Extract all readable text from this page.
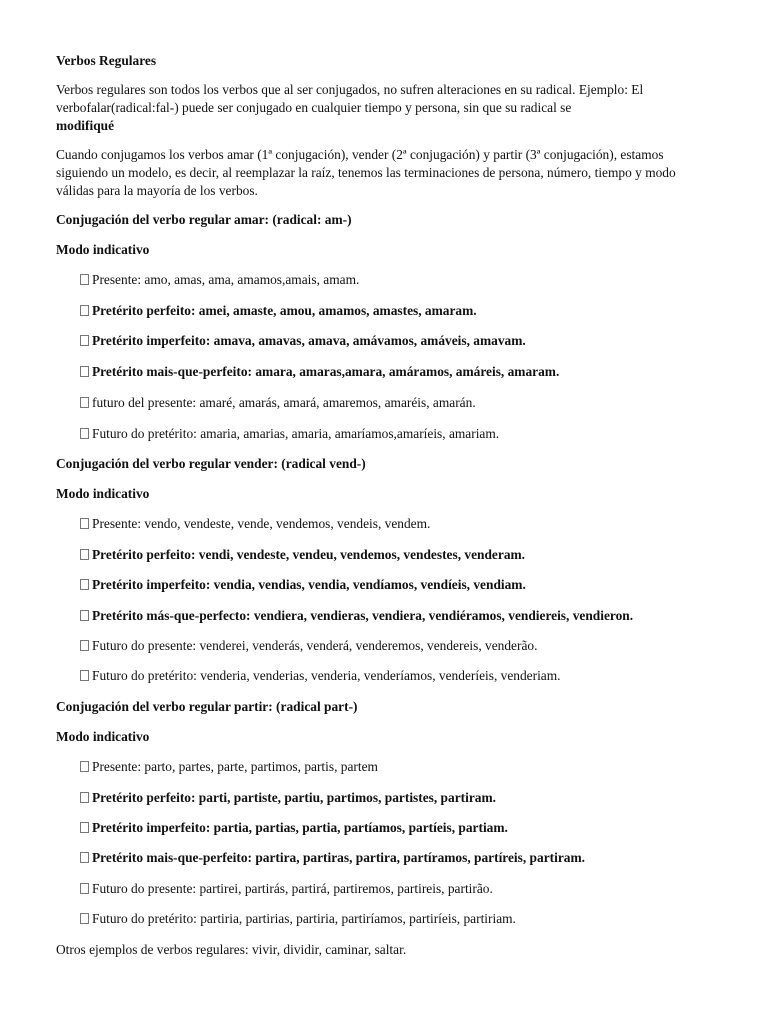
Verbos Regulares
Verbos regulares son todos los verbos que al ser conjugados, no sufren alteraciones en su radical. Ejemplo: El
verbofalar(radical:fal-) puede ser conjugado en cualquier tiempo y persona, sin que su radical se
modifiqué
Cuando conjugamos los verbos amar (1ª conjugación), vender (2ª conjugación) y partir (3ª conjugación), estamos
siguiendo un modelo, es decir, al reemplazar la raíz, tenemos las terminaciones de persona, número, tiempo y modo
válidas para la mayoría de los verbos.
Conjugación del verbo regular amar: (radical: am-)
Modo indicativo
Presente: amo, amas, ama, amamos,amais, amam.
Pretérito perfeito: amei, amaste, amou, amamos, amastes, amaram.
Pretérito imperfeito: amava, amavas, amava, amávamos, amáveis, amavam.
Pretérito mais-que-perfeito: amara, amaras,amara, amáramos, amáreis, amaram.
futuro del presente: amaré, amarás, amará, amaremos, amaréis, amarán.
Futuro do pretérito: amaria, amarias, amaria, amaríamos,amaríeis, amariam.
Conjugación del verbo regular vender: (radical vend-)
Modo indicativo
Presente: vendo, vendeste, vende, vendemos, vendeis, vendem.
Pretérito perfeito: vendi, vendeste, vendeu, vendemos, vendestes, venderam.
Pretérito imperfeito: vendia, vendias, vendia, vendíamos, vendíeis, vendiam.
Pretérito más-que-perfecto: vendiera, vendieras, vendiera, vendiéramos, vendiereis, vendieron.
Futuro do presente: venderei, venderás, venderá, venderemos, vendereis, venderão.
Futuro do pretérito: venderia, venderias, venderia, venderíamos, venderíeis, venderiam.
Conjugación del verbo regular partir: (radical part-)
Modo indicativo
Presente: parto, partes, parte, partimos, partis, partem
Pretérito perfeito: parti, partiste, partiu, partimos, partistes, partiram.
Pretérito imperfeito: partia, partias, partia, partíamos, partíeis, partiam.
Pretérito mais-que-perfeito: partira, partiras, partira, partíramos, partíreis, partiram.
Futuro do presente: partirei, partirás, partirá, partiremos, partireis, partirão.
Futuro do pretérito: partiria, partirias, partiria, partiríamos, partiríeis, partiriam.
Otros ejemplos de verbos regulares: vivir, dividir, caminar, saltar.
